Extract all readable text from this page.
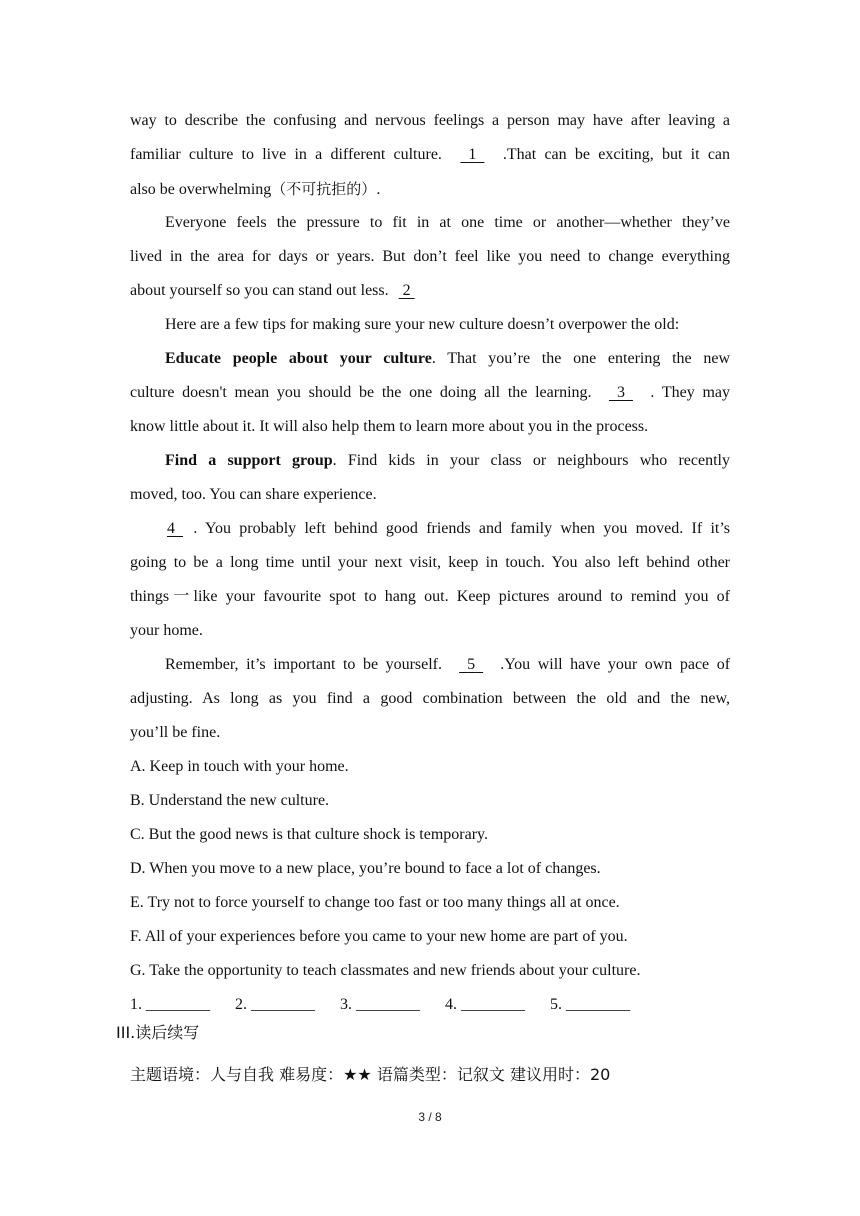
way to describe the confusing and nervous feelings a person may have after leaving a
familiar culture to live in a different culture. 1 .That can be exciting, but it can
also be overwhelming（不可抗拒的）.
Everyone feels the pressure to fit in at one time or another—whether they’ve
lived in the area for days or years. But don’t feel like you need to change everything
about yourself so you can stand out less. 2
Here are a few tips for making sure your new culture doesn’t overpower the old:
Educate people about your culture. That you’re the one entering the new
culture doesn't mean you should be the one doing all the learning. 3 . They may
know little about it. It will also help them to learn more about you in the process.
Find a support group. Find kids in your class or neighbours who recently
moved, too. You can share experience.
4 . You probably left behind good friends and family when you moved. If it’s
going to be a long time until your next visit, keep in touch. You also left behind other
things一like your favourite spot to hang out. Keep pictures around to remind you of
your home.
Remember, it’s important to be yourself. 5 .You will have your own pace of
adjusting. As long as you find a good combination between the old and the new,
you’ll be fine.
A. Keep in touch with your home.
B. Understand the new culture.
C. But the good news is that culture shock is temporary.
D. When you move to a new place, you’re bound to face a lot of changes.
E. Try not to force yourself to change too fast or too many things all at once.
F. All of your experiences before you came to your new home are part of you.
G. Take the opportunity to teach classmates and new friends about your culture.
1. ________ 2. ________ 3. ________ 4. ________ 5. ________
III.读后续写
主题语境：人与自我 难易度：★★ 语篇类型：记叙文 建议用时：20
3 / 8
